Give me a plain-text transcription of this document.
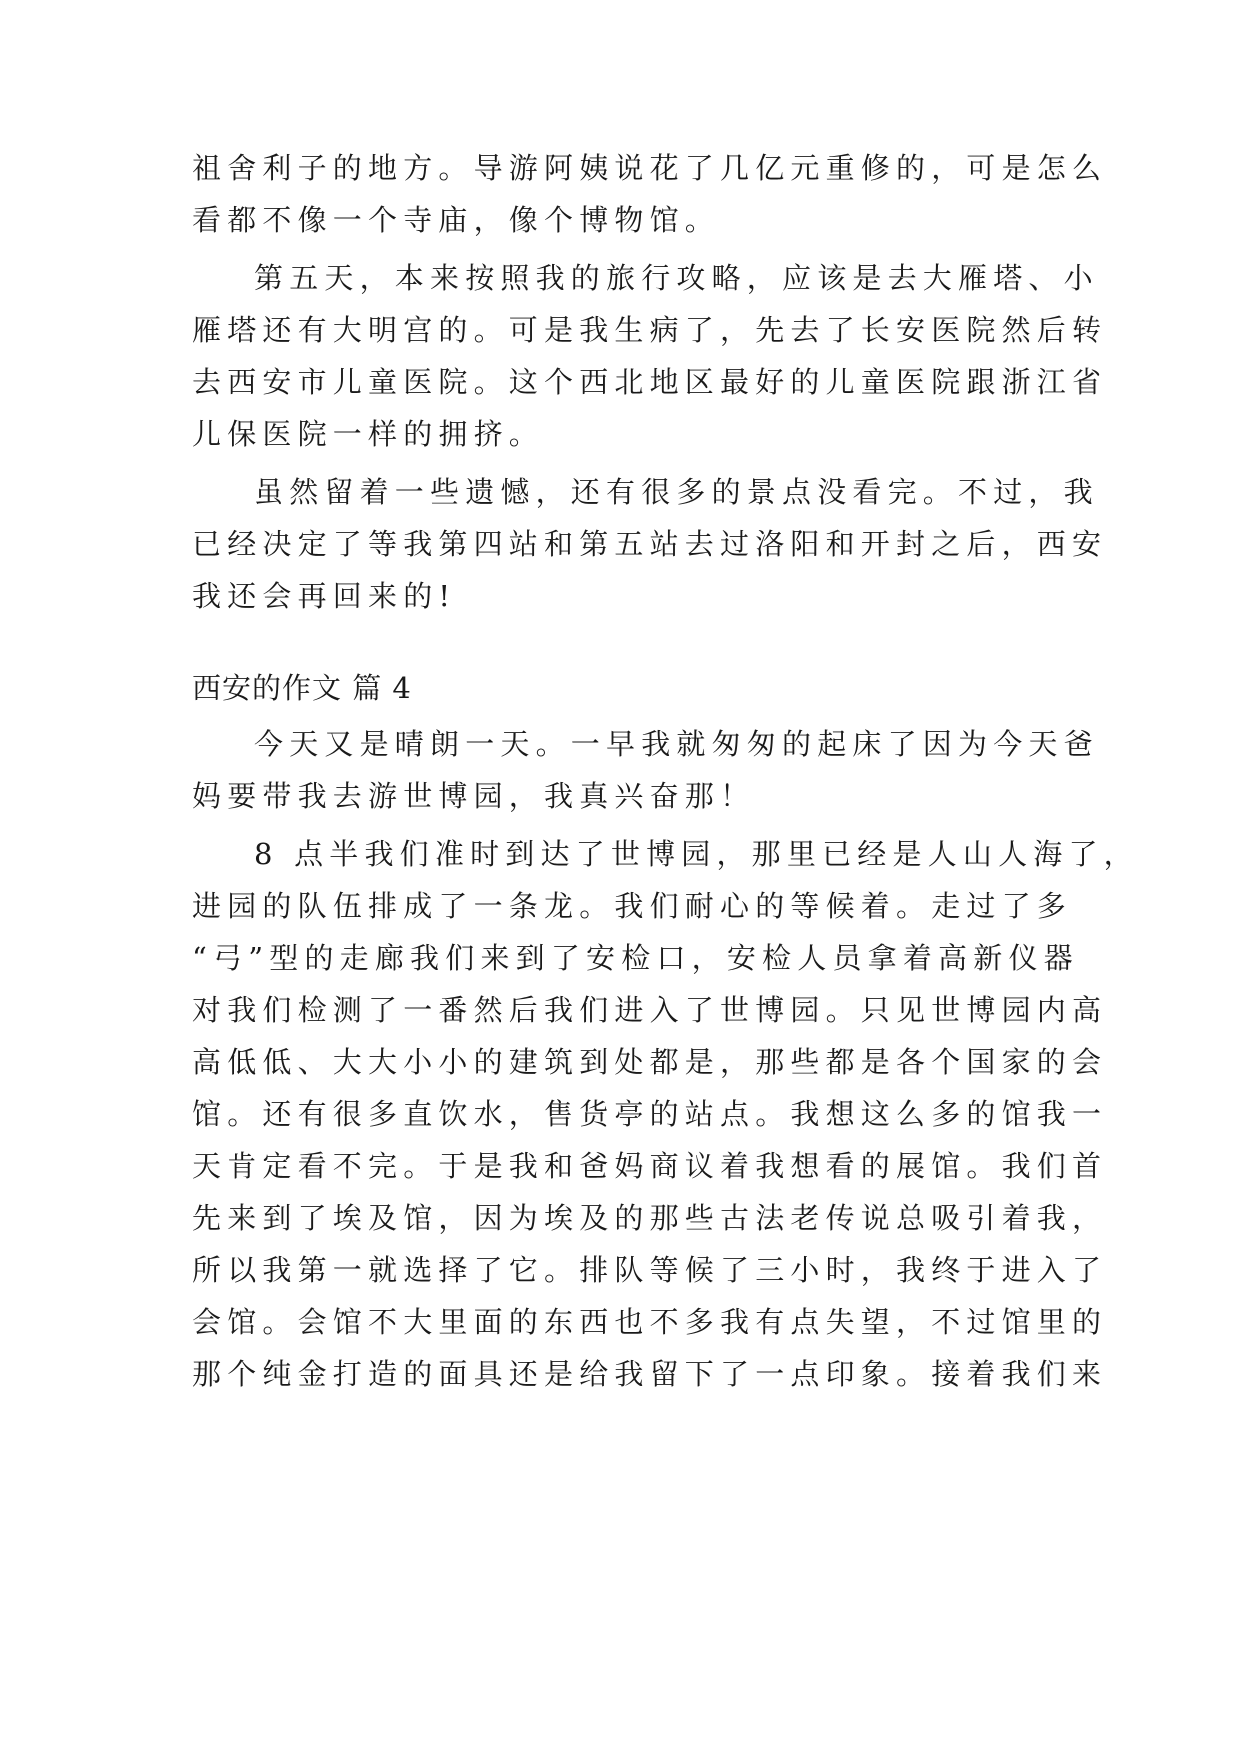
祖舍利子的地方。导游阿姨说花了几亿元重修的，可是怎么
看都不像一个寺庙，像个博物馆。
第五天，本来按照我的旅行攻略，应该是去大雁塔、小
雁塔还有大明宫的。可是我生病了，先去了长安医院然后转
去西安市儿童医院。这个西北地区最好的儿童医院跟浙江省
儿保医院一样的拥挤。
虽然留着一些遗憾，还有很多的景点没看完。不过，我
已经决定了等我第四站和第五站去过洛阳和开封之后，西安
我还会再回来的!
西安的作文 篇 4
今天又是晴朗一天。一早我就匆匆的起床了因为今天爸
妈要带我去游世博园，我真兴奋那！
8 点半我们准时到达了世博园，那里已经是人山人海了，
进园的队伍排成了一条龙。我们耐心的等候着。走过了多
“弓”型的走廊我们来到了安检口，安检人员拿着高新仪器
对我们检测了一番然后我们进入了世博园。只见世博园内高
高低低、大大小小的建筑到处都是，那些都是各个国家的会
馆。还有很多直饮水，售货亭的站点。我想这么多的馆我一
天肯定看不完。于是我和爸妈商议着我想看的展馆。我们首
先来到了埃及馆，因为埃及的那些古法老传说总吸引着我，
所以我第一就选择了它。排队等候了三小时，我终于进入了
会馆。会馆不大里面的东西也不多我有点失望，不过馆里的
那个纯金打造的面具还是给我留下了一点印象。接着我们来
